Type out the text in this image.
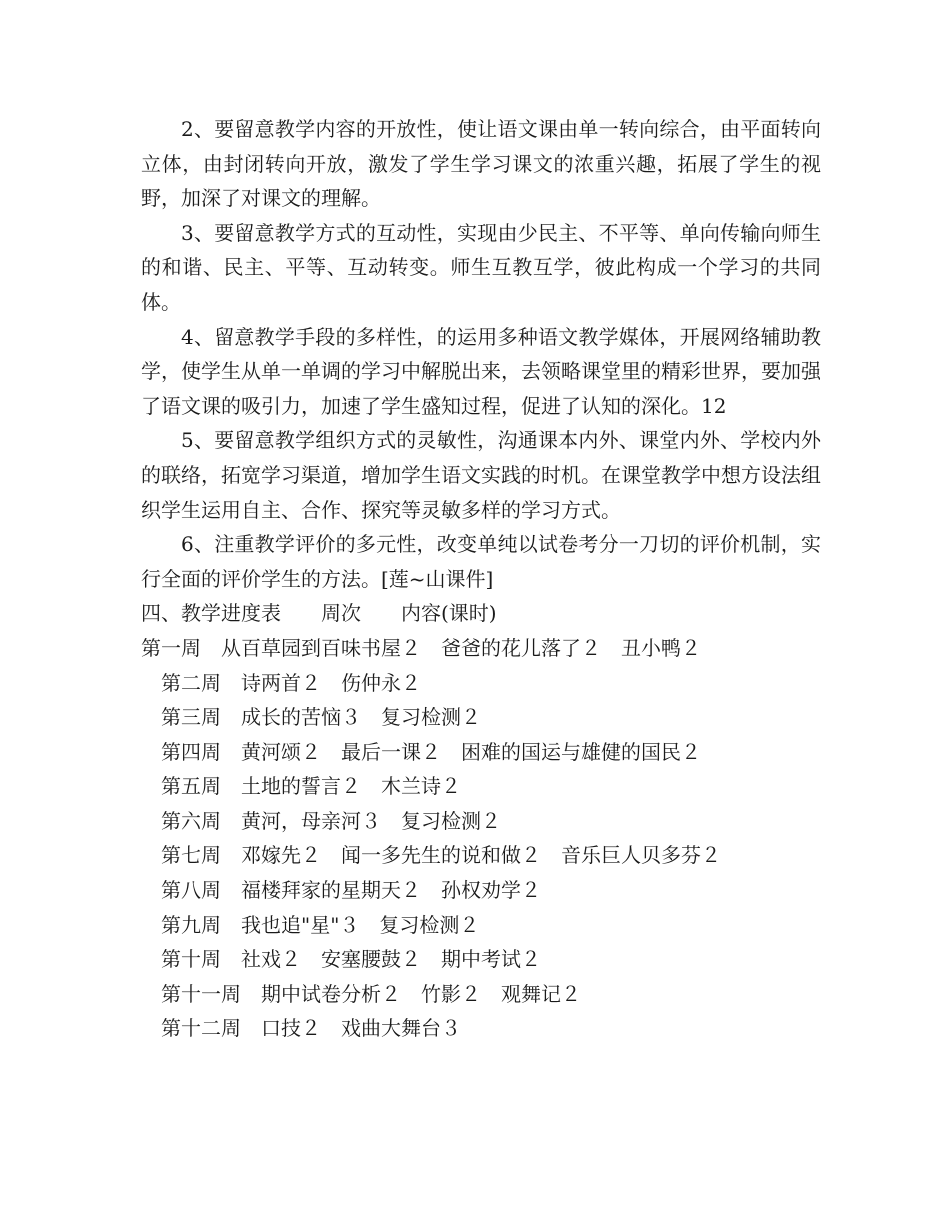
2、要留意教学内容的开放性，使让语文课由单一转向综合，由平面转向立体，由封闭转向开放，激发了学生学习课文的浓重兴趣，拓展了学生的视野，加深了对课文的理解。

3、要留意教学方式的互动性，实现由少民主、不平等、单向传输向师生的和谐、民主、平等、互动转变。师生互教互学，彼此构成一个学习的共同体。

4、留意教学手段的多样性，的运用多种语文教学媒体，开展网络辅助教学，使学生从单一单调的学习中解脱出来，去领略课堂里的精彩世界，要加强了语文课的吸引力，加速了学生盛知过程，促进了认知的深化。12

5、要留意教学组织方式的灵敏性，沟通课本内外、课堂内外、学校内外的联络，拓宽学习渠道，增加学生语文实践的时机。在课堂教学中想方设法组织学生运用自主、合作、探究等灵敏多样的学习方式。

6、注重教学评价的多元性，改变单纯以试卷考分一刀切的评价机制，实行全面的评价学生的方法。[莲~山课件]

四、教学进度表　　周次　　内容(课时)
第一周　从百草园到百味书屋２　爸爸的花儿落了２　丑小鸭２
第二周　诗两首２　伤仲永２
第三周　成长的苦恼３　复习检测２
第四周　黄河颂２　最后一课２　困难的国运与雄健的国民２
第五周　土地的誓言２　木兰诗２
第六周　黄河，母亲河３　复习检测２
第七周　邓嫁先２　闻一多先生的说和做２　音乐巨人贝多芬２
第八周　福楼拜家的星期天２　孙权劝学２
第九周　我也追"星"３　复习检测２
第十周　社戏２　安塞腰鼓２　期中考试２
第十一周　期中试卷分析２　竹影２　观舞记２
第十二周　口技２　戏曲大舞台３
